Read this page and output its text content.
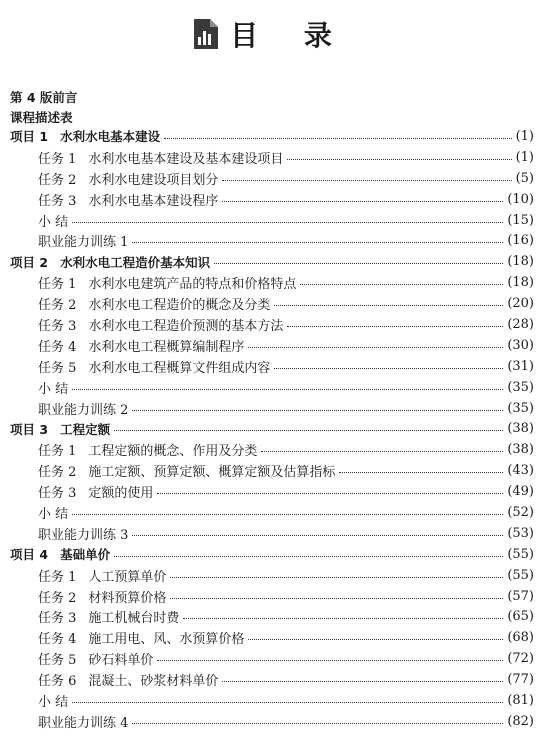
目 录
第 4 版前言
课程描述表
项目 1 水利水电基本建设	(1)
任务 1 水利水电基本建设及基本建设项目	(1)
任务 2 水利水电建设项目划分	(5)
任务 3 水利水电基本建设程序	(10)
小 结	(15)
职业能力训练 1	(16)
项目 2 水利水电工程造价基本知识	(18)
任务 1 水利水电建筑产品的特点和价格特点	(18)
任务 2 水利水电工程造价的概念及分类	(20)
任务 3 水利水电工程造价预测的基本方法	(28)
任务 4 水利水电工程概算编制程序	(30)
任务 5 水利水电工程概算文件组成内容	(31)
小 结	(35)
职业能力训练 2	(35)
项目 3 工程定额	(38)
任务 1 工程定额的概念、作用及分类	(38)
任务 2 施工定额、预算定额、概算定额及估算指标	(43)
任务 3 定额的使用	(49)
小 结	(52)
职业能力训练 3	(53)
项目 4 基础单价	(55)
任务 1 人工预算单价	(55)
任务 2 材料预算价格	(57)
任务 3 施工机械台时费	(65)
任务 4 施工用电、风、水预算价格	(68)
任务 5 砂石料单价	(72)
任务 6 混凝土、砂浆材料单价	(77)
小 结	(81)
职业能力训练 4	(82)
